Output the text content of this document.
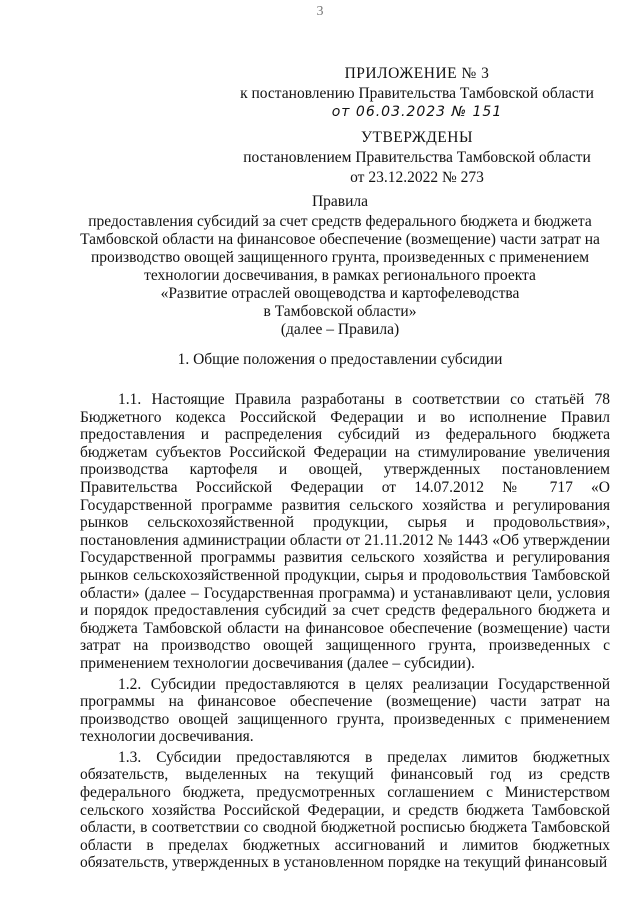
3
ПРИЛОЖЕНИЕ № 3
к постановлению Правительства Тамбовской области
от 06.03.2023 № 151
УТВЕРЖДЕНЫ
постановлением Правительства Тамбовской области
от 23.12.2022 № 273
Правила
предоставления субсидий за счет средств федерального бюджета и бюджета
Тамбовской области на финансовое обеспечение (возмещение) части затрат на
производство овощей защищенного грунта, произведенных с применением
технологии досвечивания, в рамках регионального проекта
«Развитие отраслей овощеводства и картофелеводства
в Тамбовской области»
(далее – Правила)
1. Общие положения о предоставлении субсидии

1.1. Настоящие Правила разработаны в соответствии со статьёй 78 Бюджетного кодекса Российской Федерации и во исполнение Правил предоставления и распределения субсидий из федерального бюджета бюджетам субъектов Российской Федерации на стимулирование увеличения производства картофеля и овощей, утвержденных постановлением Правительства Российской Федерации от 14.07.2012 № 717 «О Государственной программе развития сельского хозяйства и регулирования рынков сельскохозяйственной продукции, сырья и продовольствия», постановления администрации области от 21.11.2012 № 1443 «Об утверждении Государственной программы развития сельского хозяйства и регулирования рынков сельскохозяйственной продукции, сырья и продовольствия Тамбовской области» (далее – Государственная программа) и устанавливают цели, условия и порядок предоставления субсидий за счет средств федерального бюджета и бюджета Тамбовской области на финансовое обеспечение (возмещение) части затрат на производство овощей защищенного грунта, произведенных с применением технологии досвечивания (далее – субсидии).

1.2. Субсидии предоставляются в целях реализации Государственной программы на финансовое обеспечение (возмещение) части затрат на производство овощей защищенного грунта, произведенных с применением технологии досвечивания.

1.3. Субсидии предоставляются в пределах лимитов бюджетных обязательств, выделенных на текущий финансовый год из средств федерального бюджета, предусмотренных соглашением с Министерством сельского хозяйства Российской Федерации, и средств бюджета Тамбовской области, в соответствии со сводной бюджетной росписью бюджета Тамбовской области в пределах бюджетных ассигнований и лимитов бюджетных обязательств, утвержденных в установленном порядке на текущий финансовый
